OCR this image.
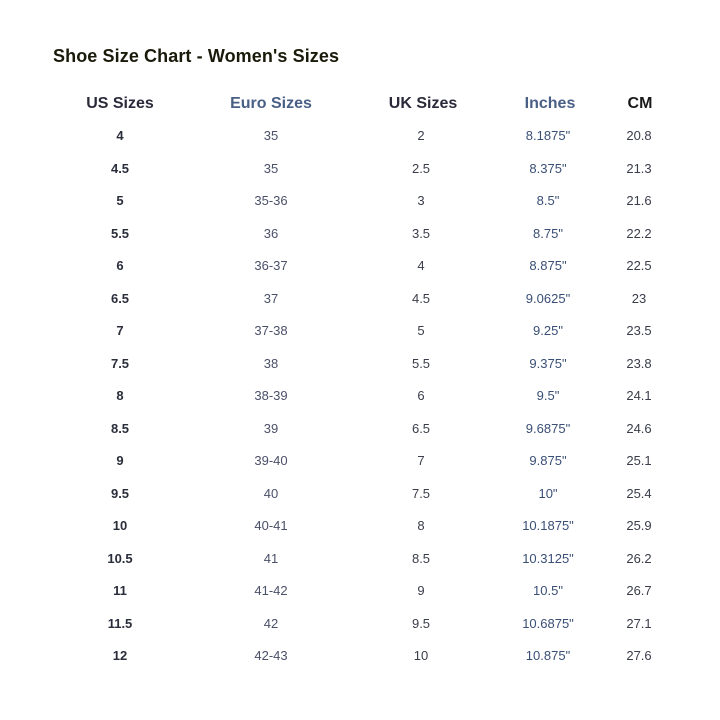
Shoe Size Chart - Women's Sizes
US Sizes	Euro Sizes	UK Sizes	Inches	CM
4	35	2	8.1875"	20.8
4.5	35	2.5	8.375"	21.3
5	35-36	3	8.5"	21.6
5.5	36	3.5	8.75"	22.2
6	36-37	4	8.875"	22.5
6.5	37	4.5	9.0625"	23
7	37-38	5	9.25"	23.5
7.5	38	5.5	9.375"	23.8
8	38-39	6	9.5"	24.1
8.5	39	6.5	9.6875"	24.6
9	39-40	7	9.875"	25.1
9.5	40	7.5	10"	25.4
10	40-41	8	10.1875"	25.9
10.5	41	8.5	10.3125"	26.2
11	41-42	9	10.5"	26.7
11.5	42	9.5	10.6875"	27.1
12	42-43	10	10.875"	27.6
